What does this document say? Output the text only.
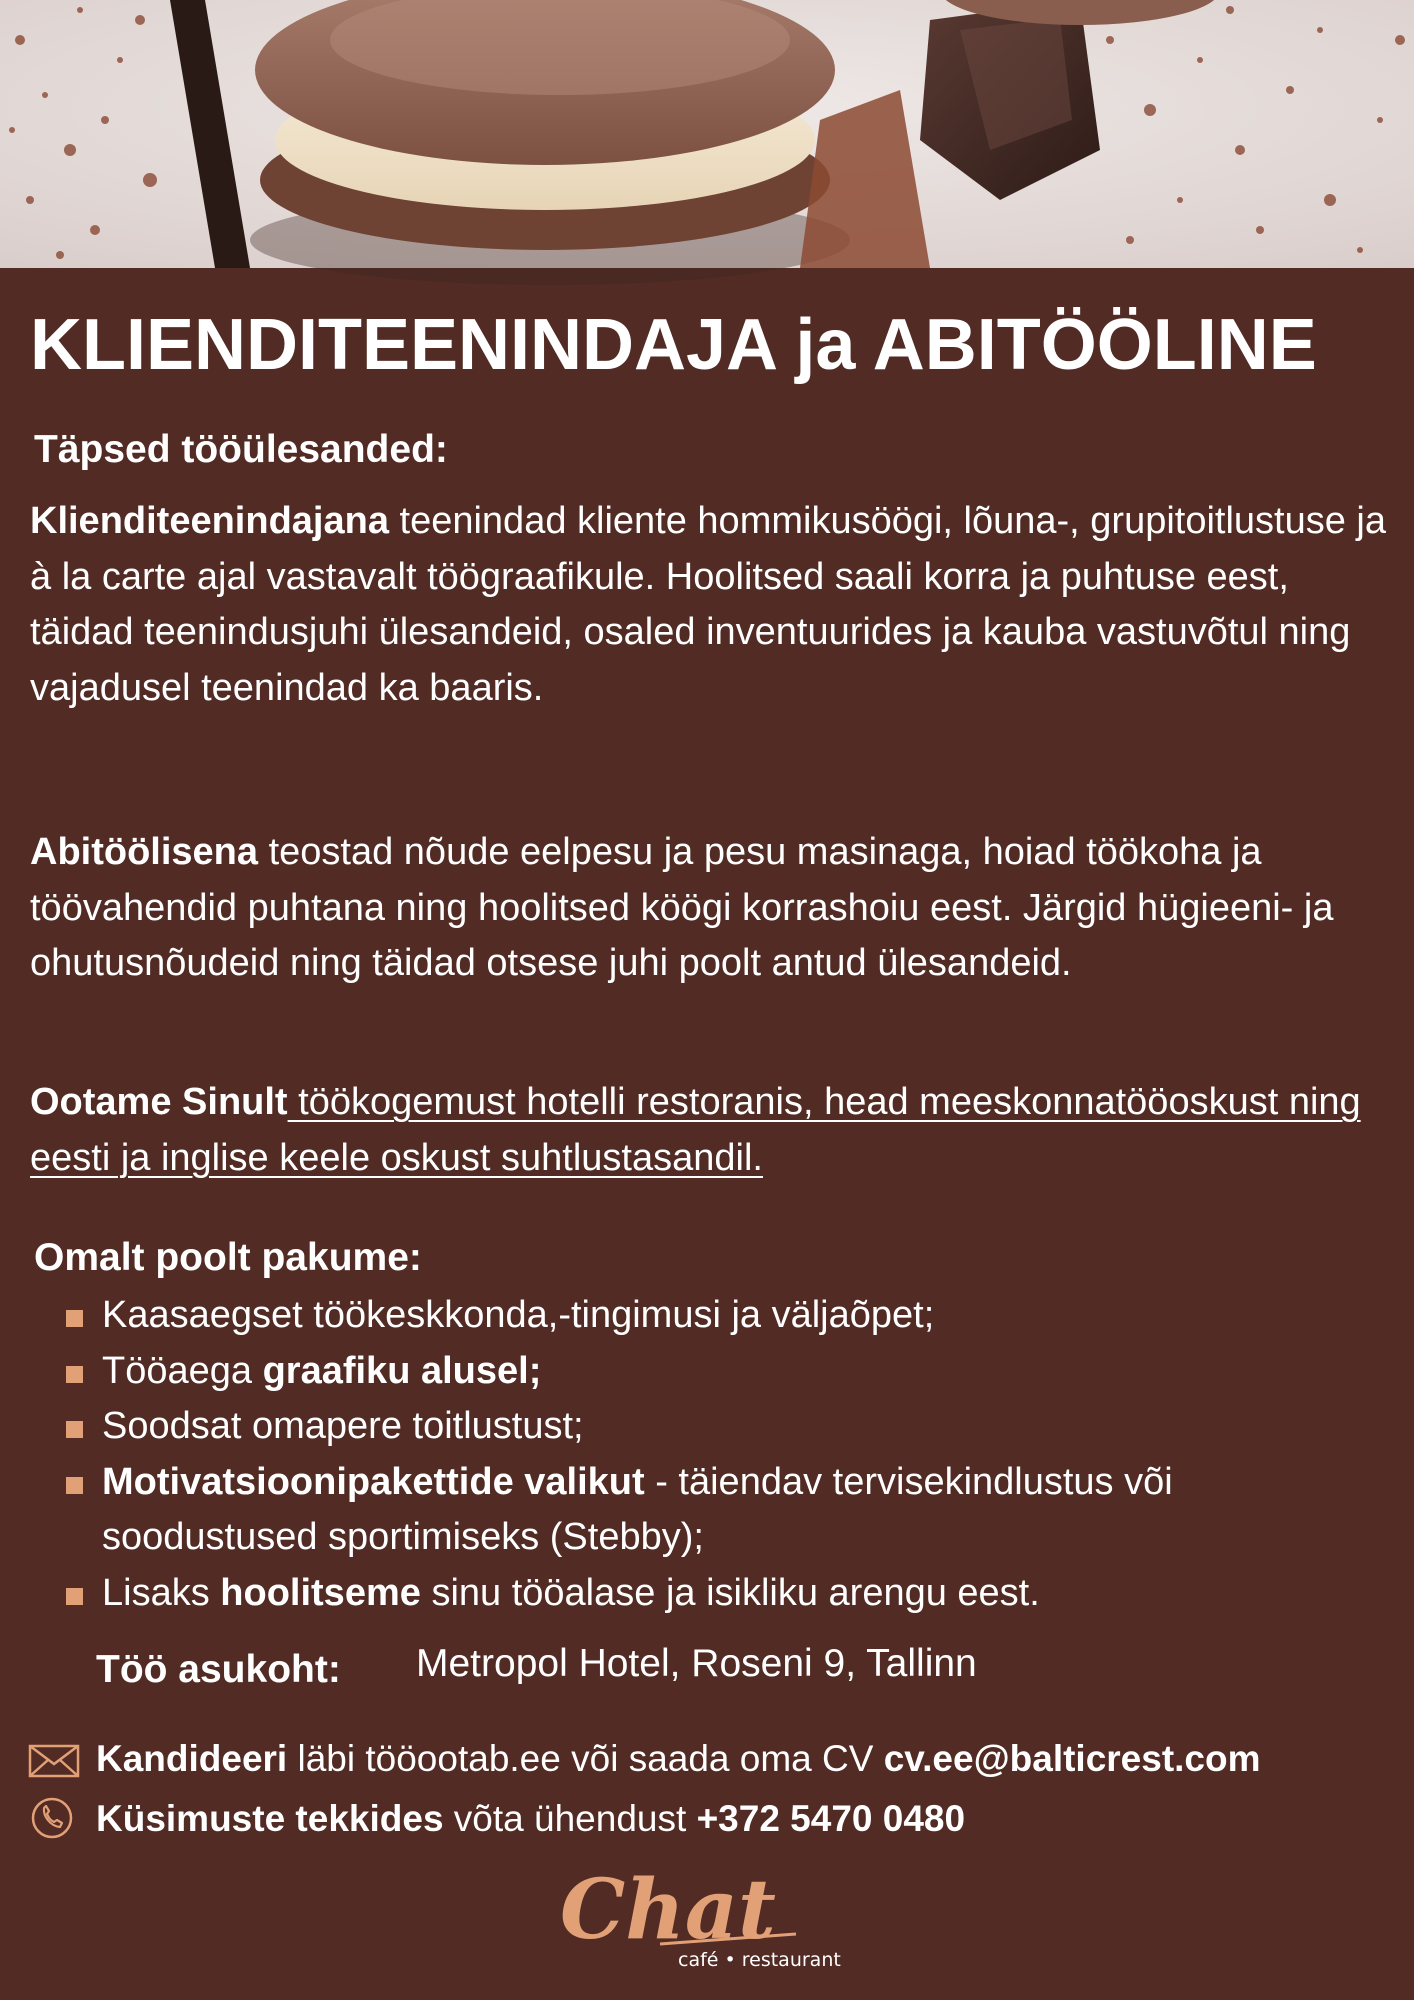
KLIENDITEENINDAJA ja ABITÖÖLINE
Täpsed tööülesanded:
Klienditeenindajana teenindad kliente hommikusöögi, lõuna-, grupitoitlustuse ja à la carte ajal vastavalt töögraafikule. Hoolitsed saali korra ja puhtuse eest, täidad teenindusjuhi ülesandeid, osaled inventuurides ja kauba vastuvõtul ning vajadusel teenindad ka baaris.
Abitöölisena teostad nõude eelpesu ja pesu masinaga, hoiad töökoha ja töövahendid puhtana ning hoolitsed köögi korrashoiu eest. Järgid hügieeni- ja ohutusnõudeid ning täidad otsese juhi poolt antud ülesandeid.
Ootame Sinult töökogemust hotelli restoranis, head meeskonnatööoskust ning eesti ja inglise keele oskust suhtlustasandil.
Omalt poolt pakume:
Kaasaegset töökeskkonda,-tingimusi ja väljaõpet;
Tööaega graafiku alusel;
Soodsat omapere toitlustust;
Motivatsioonipakettide valikut - täiendav tervisekindlustus või soodustused sportimiseks (Stebby);
Lisaks hoolitseme sinu tööalase ja isikliku arengu eest.
Töö asukoht: Metropol Hotel, Roseni 9, Tallinn
Kandideeri läbi tööootab.ee või saada oma CV cv.ee@balticrest.com
Küsimuste tekkides võta ühendust +372 5470 0480
Chat
café • restaurant
